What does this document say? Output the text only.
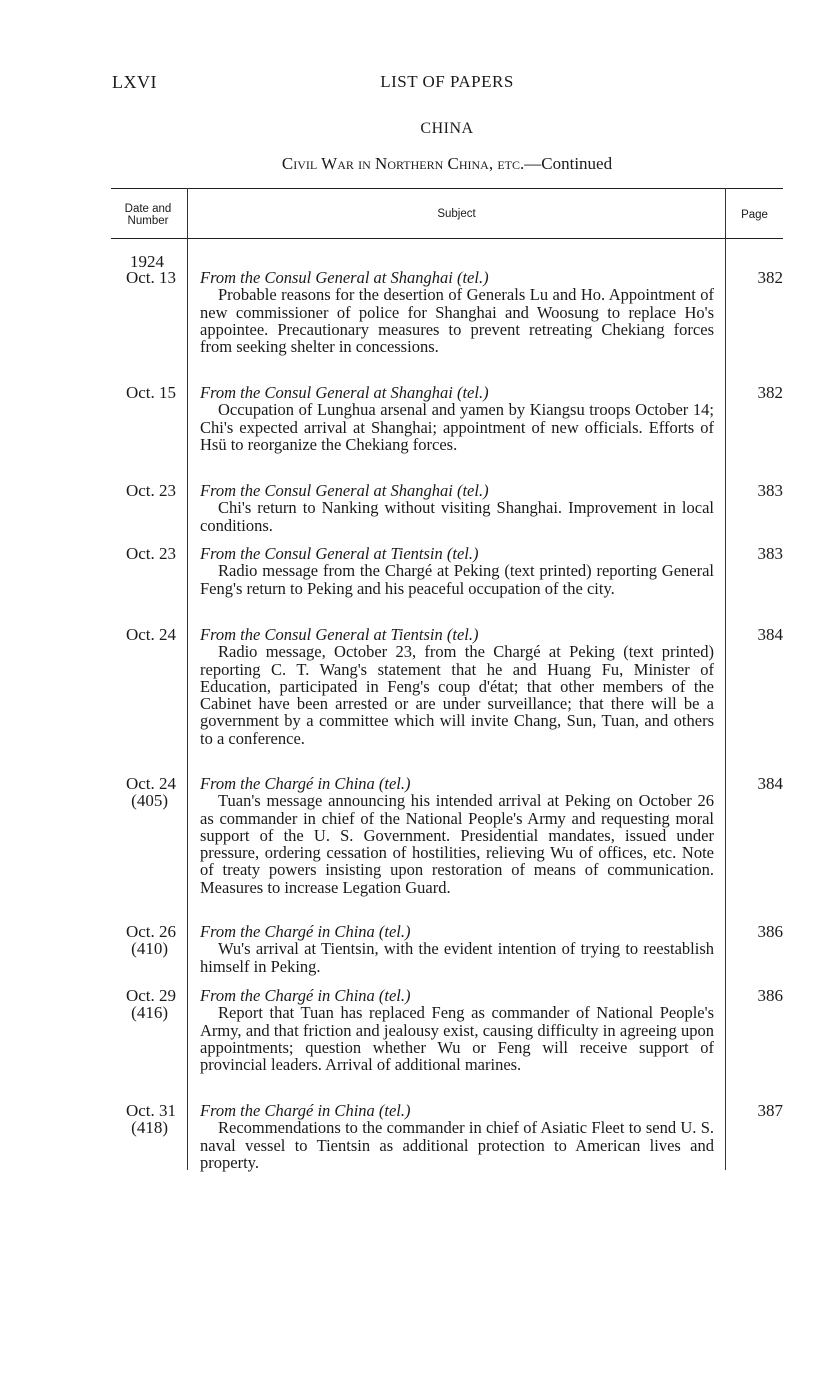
LXVI	LIST OF PAPERS
CHINA
Civil War in Northern China, etc.—Continued
Date and Number
Subject	Page
1924
Oct. 13 From the Consul General at Shanghai (tel.)
Probable reasons for the desertion of Generals Lu and Ho. Appointment of new commissioner of police for Shanghai and Woosung to replace Ho's appointee. Precautionary measures to prevent retreating Chekiang forces from seeking shelter in concessions.
382
Oct. 15 From the Consul General at Shanghai (tel.)
Occupation of Lunghua arsenal and yamen by Kiangsu troops October 14; Chi's expected arrival at Shanghai; appointment of new officials. Efforts of Hsü to reorganize the Chekiang forces.
382
Oct. 23 From the Consul General at Shanghai (tel.)
Chi's return to Nanking without visiting Shanghai. Improvement in local conditions.
383
Oct. 23 From the Consul General at Tientsin (tel.)
Radio message from the Chargé at Peking (text printed) reporting General Feng's return to Peking and his peaceful occupation of the city.
383
Oct. 24 From the Consul General at Tientsin (tel.)
Radio message, October 23, from the Chargé at Peking (text printed) reporting C. T. Wang's statement that he and Huang Fu, Minister of Education, participated in Feng's coup d'état; that other members of the Cabinet have been arrested or are under surveillance; that there will be a government by a committee which will invite Chang, Sun, Tuan, and others to a conference.
384
Oct. 24
(405)
From the Chargé in China (tel.)
Tuan's message announcing his intended arrival at Peking on October 26 as commander in chief of the National People's Army and requesting moral support of the U. S. Government. Presidential mandates, issued under pressure, ordering cessation of hostilities, relieving Wu of offices, etc. Note of treaty powers insisting upon restoration of means of communication. Measures to increase Legation Guard.
384
Oct. 26
(410)
From the Chargé in China (tel.)
Wu's arrival at Tientsin, with the evident intention of trying to reestablish himself in Peking.
386
Oct. 29
(416)
From the Chargé in China (tel.)
Report that Tuan has replaced Feng as commander of National People's Army, and that friction and jealousy exist, causing difficulty in agreeing upon appointments; question whether Wu or Feng will receive support of provincial leaders. Arrival of additional marines.
386
Oct. 31
(418)
From the Chargé in China (tel.)
Recommendations to the commander in chief of Asiatic Fleet to send U. S. naval vessel to Tientsin as additional protection to American lives and property.
387
